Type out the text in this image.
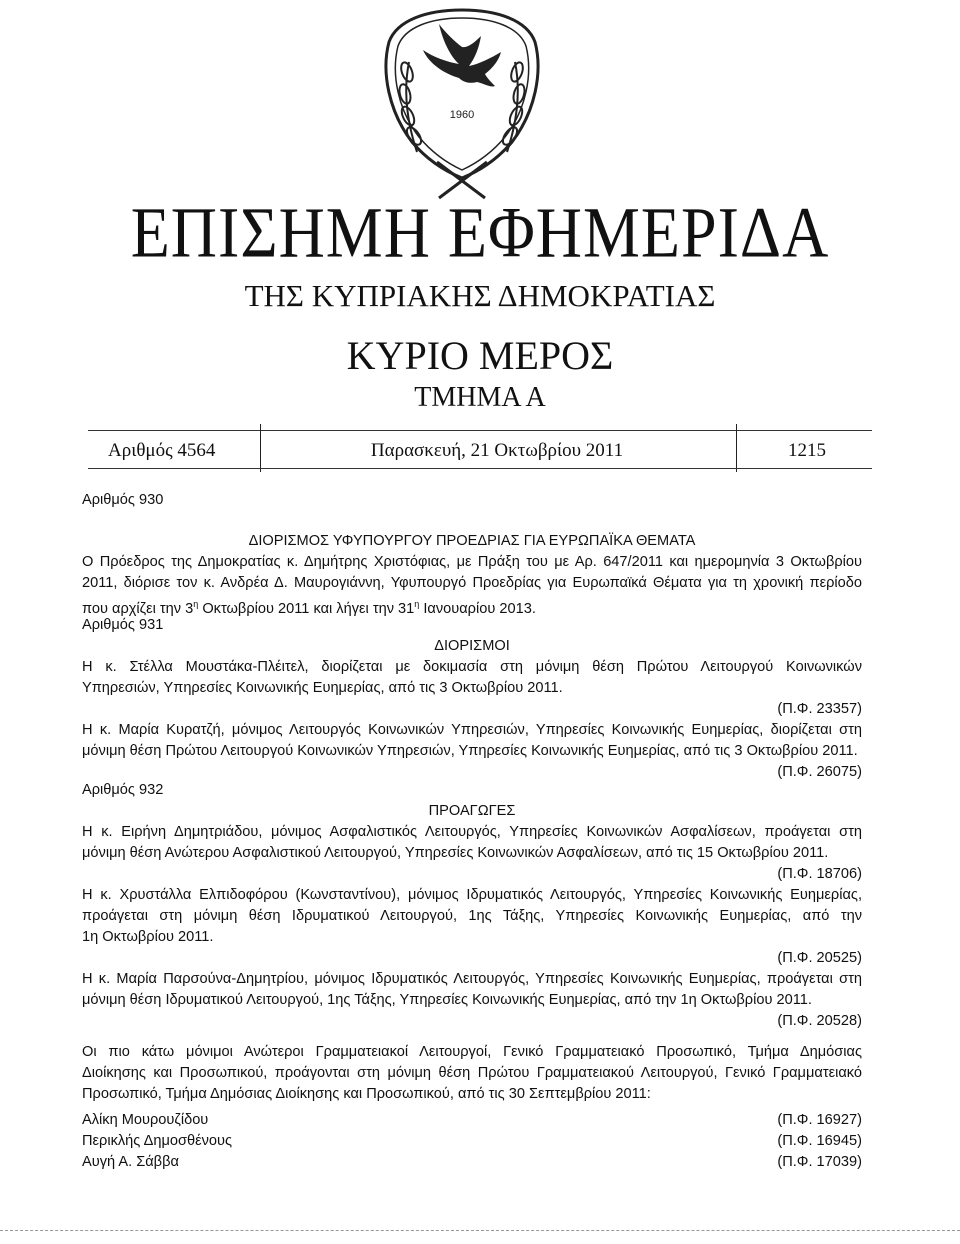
1960
ΕΠΙΣΗΜΗ ΕΦΗΜΕΡΙΔΑ
ΤΗΣ ΚΥΠΡΙΑΚΗΣ ΔΗΜΟΚΡΑΤΙΑΣ
ΚΥΡΙΟ ΜΕΡΟΣ
ΤΜΗΜΑ Α
Αριθμός 4564	Παρασκευή, 21 Οκτωβρίου 2011	1215
Αριθμός 930
ΔΙΟΡΙΣΜΟΣ ΥΦΥΠΟΥΡΓΟΥ ΠΡΟΕΔΡΙΑΣ ΓΙΑ ΕΥΡΩΠΑΪΚΑ ΘΕΜΑΤΑ
Ο Πρόεδρος της Δημοκρατίας κ. Δημήτρης Χριστόφιας, με Πράξη του με Αρ. 647/2011 και ημερομηνία 3 Οκτωβρίου
2011, διόρισε τον κ. Ανδρέα Δ. Μαυρογιάννη, Υφυπουργό Προεδρίας για Ευρωπαϊκά Θέματα για τη χρονική περίοδο
που αρχίζει την $3^\eta$ Οκτωβρίου 2011 και λήγει την $31^\eta$ Ιανουαρίου 2013.
Αριθμός 931
ΔΙΟΡΙΣΜΟΙ
Η κ. Στέλλα Μουστάκα-Πλέιτελ, διορίζεται με δοκιμασία στη μόνιμη θέση Πρώτου Λειτουργού Κοινωνικών
Υπηρεσιών, Υπηρεσίες Κοινωνικής Ευημερίας, από τις 3 Οκτωβρίου 2011.
(Π.Φ. 23357)
Η κ. Μαρία Κυρατζή, μόνιμος Λειτουργός Κοινωνικών Υπηρεσιών, Υπηρεσίες Κοινωνικής Ευημερίας, διορίζεται στη
μόνιμη θέση Πρώτου Λειτουργού Κοινωνικών Υπηρεσιών, Υπηρεσίες Κοινωνικής Ευημερίας, από τις 3 Οκτωβρίου 2011.
(Π.Φ. 26075)
Αριθμός 932
ΠΡΟΑΓΩΓΕΣ
Η κ. Ειρήνη Δημητριάδου, μόνιμος Ασφαλιστικός Λειτουργός, Υπηρεσίες Κοινωνικών Ασφαλίσεων, προάγεται στη
μόνιμη θέση Ανώτερου Ασφαλιστικού Λειτουργού, Υπηρεσίες Κοινωνικών Ασφαλίσεων, από τις 15 Οκτωβρίου 2011.
(Π.Φ. 18706)
Η κ. Χρυστάλλα Ελπιδοφόρου (Κωνσταντίνου), μόνιμος Ιδρυματικός Λειτουργός, Υπηρεσίες Κοινωνικής Ευημερίας,
προάγεται στη μόνιμη θέση Ιδρυματικού Λειτουργού, 1ης Τάξης, Υπηρεσίες Κοινωνικής Ευημερίας, από την
1η Οκτωβρίου 2011.
(Π.Φ. 20525)
Η κ. Μαρία Παρσούνα-Δημητρίου, μόνιμος Ιδρυματικός Λειτουργός, Υπηρεσίες Κοινωνικής Ευημερίας, προάγεται στη
μόνιμη θέση Ιδρυματικού Λειτουργού, 1ης Τάξης, Υπηρεσίες Κοινωνικής Ευημερίας, από την 1η Οκτωβρίου 2011.
(Π.Φ. 20528)
Οι πιο κάτω μόνιμοι Ανώτεροι Γραμματειακοί Λειτουργοί, Γενικό Γραμματειακό Προσωπικό, Τμήμα Δημόσιας
Διοίκησης και Προσωπικού, προάγονται στη μόνιμη θέση Πρώτου Γραμματειακού Λειτουργού, Γενικό Γραμματειακό
Προσωπικό, Τμήμα Δημόσιας Διοίκησης και Προσωπικού, από τις 30 Σεπτεμβρίου 2011:
Αλίκη Μουρουζίδου	(Π.Φ. 16927)
Περικλής Δημοσθένους	(Π.Φ. 16945)
Αυγή Α. Σάββα	(Π.Φ. 17039)
